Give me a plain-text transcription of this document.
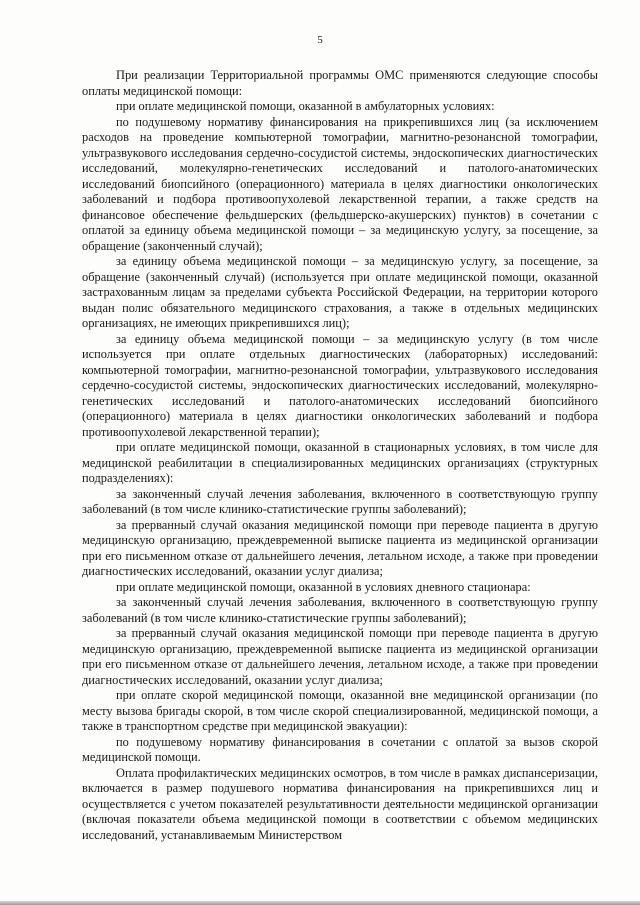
5

При реализации Территориальной программы ОМС применяются следующие способы оплаты медицинской помощи:

при оплате медицинской помощи, оказанной в амбулаторных условиях:

по подушевому нормативу финансирования на прикрепившихся лиц (за исключением расходов на проведение компьютерной томографии, магнитно-резонансной томографии, ультразвукового исследования сердечно-сосудистой системы, эндоскопических диагностических исследований, молекулярно-генетических исследований и патолого-анатомических исследований биопсийного (операционного) материала в целях диагностики онкологических заболеваний и подбора противоопухолевой лекарственной терапии, а также средств на финансовое обеспечение фельдшерских (фельдшерско-акушерских) пунктов) в сочетании с оплатой за единицу объема медицинской помощи – за медицинскую услугу, за посещение, за обращение (законченный случай);

за единицу объема медицинской помощи – за медицинскую услугу, за посещение, за обращение (законченный случай) (используется при оплате медицинской помощи, оказанной застрахованным лицам за пределами субъекта Российской Федерации, на территории которого выдан полис обязательного медицинского страхования, а также в отдельных медицинских организациях, не имеющих прикрепившихся лиц);

за единицу объема медицинской помощи – за медицинскую услугу (в том числе используется при оплате отдельных диагностических (лабораторных) исследований: компьютерной томографии, магнитно-резонансной томографии, ультразвукового исследования сердечно-сосудистой системы, эндоскопических диагностических исследований, молекулярно-генетических исследований и патолого-анатомических исследований биопсийного (операционного) материала в целях диагностики онкологических заболеваний и подбора противоопухолевой лекарственной терапии);

при оплате медицинской помощи, оказанной в стационарных условиях, в том числе для медицинской реабилитации в специализированных медицинских организациях (структурных подразделениях):

за законченный случай лечения заболевания, включенного в соответствующую группу заболеваний (в том числе клинико-статистические группы заболеваний);

за прерванный случай оказания медицинской помощи при переводе пациента в другую медицинскую организацию, преждевременной выписке пациента из медицинской организации при его письменном отказе от дальнейшего лечения, летальном исходе, а также при проведении диагностических исследований, оказании услуг диализа;

при оплате медицинской помощи, оказанной в условиях дневного стационара:

за законченный случай лечения заболевания, включенного в соответствующую группу заболеваний (в том числе клинико-статистические группы заболеваний);

за прерванный случай оказания медицинской помощи при переводе пациента в другую медицинскую организацию, преждевременной выписке пациента из медицинской организации при его письменном отказе от дальнейшего лечения, летальном исходе, а также при проведении диагностических исследований, оказании услуг диализа;

при оплате скорой медицинской помощи, оказанной вне медицинской организации (по месту вызова бригады скорой, в том числе скорой специализированной, медицинской помощи, а также в транспортном средстве при медицинской эвакуации):

по подушевому нормативу финансирования в сочетании с оплатой за вызов скорой медицинской помощи.

Оплата профилактических медицинских осмотров, в том числе в рамках диспансеризации, включается в размер подушевого норматива финансирования на прикрепившихся лиц и осуществляется с учетом показателей результативности деятельности медицинской организации (включая показатели объема медицинской помощи в соответствии с объемом медицинских исследований, устанавливаемым Министерством
